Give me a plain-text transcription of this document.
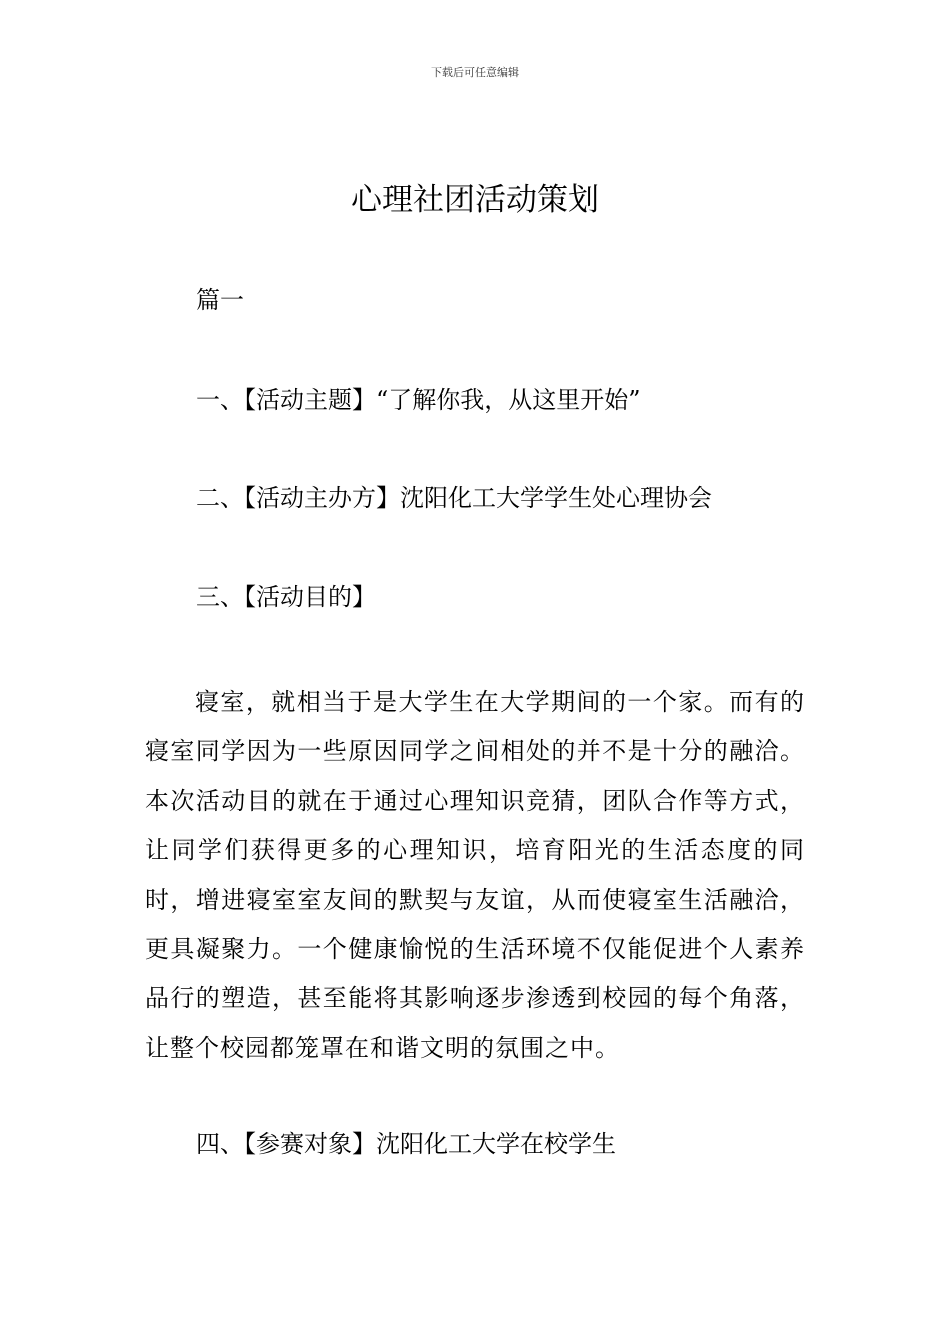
下载后可任意编辑
心理社团活动策划
篇一
一、【活动主题】“了解你我，从这里开始”
二、【活动主办方】沈阳化工大学学生处心理协会
三、【活动目的】

寝室，就相当于是大学生在大学期间的一个家。而有的寝室同学因为一些原因同学之间相处的并不是十分的融洽。本次活动目的就在于通过心理知识竞猜，团队合作等方式，让同学们获得更多的心理知识，培育阳光的生活态度的同时，增进寝室室友间的默契与友谊，从而使寝室生活融洽，更具凝聚力。一个健康愉悦的生活环境不仅能促进个人素养品行的塑造，甚至能将其影响逐步渗透到校园的每个角落，让整个校园都笼罩在和谐文明的氛围之中。

四、【参赛对象】沈阳化工大学在校学生
